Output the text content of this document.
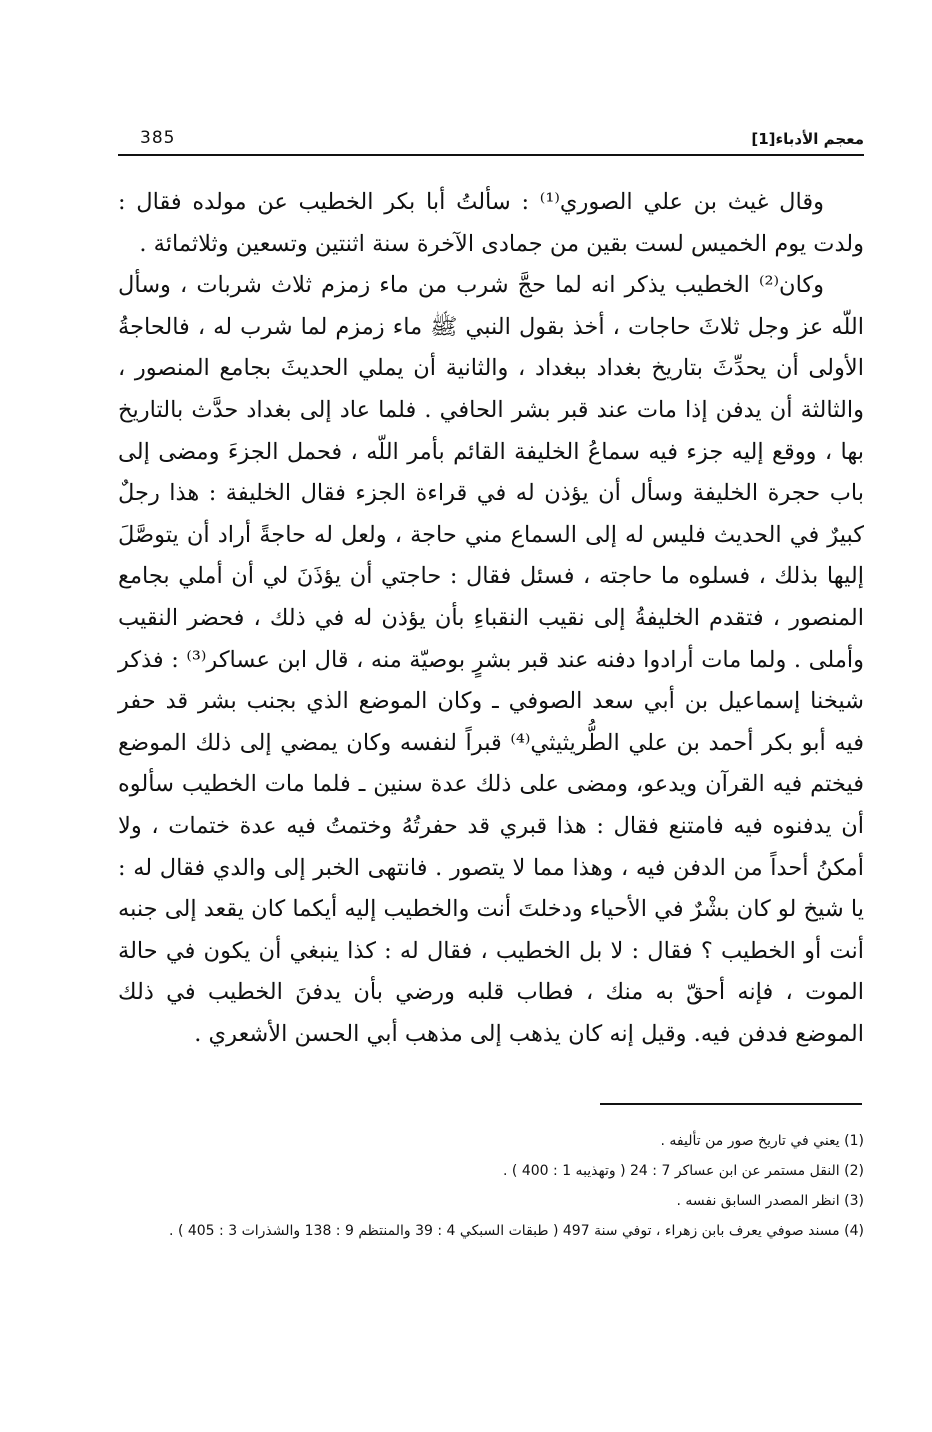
385	معجم الأدباء[1]

وقال غيث بن علي الصوري⁽¹⁾ : سألتُ أبا بكر الخطيب عن مولده فقال : ولدت يوم الخميس لست بقين من جمادى الآخرة سنة اثنتين وتسعين وثلاثمائة .

وكان⁽²⁾ الخطيب يذكر انه لما حجَّ شرب من ماء زمزم ثلاث شربات ، وسأل اللّه عز وجل ثلاثَ حاجات ، أخذ بقول النبي ﷺ ماء زمزم لما شرب له ، فالحاجةُ الأولى أن يحدِّثَ بتاريخ بغداد ببغداد ، والثانية أن يملي الحديثَ بجامع المنصور ، والثالثة أن يدفن إذا مات عند قبر بشر الحافي . فلما عاد إلى بغداد حدَّث بالتاريخ بها ، ووقع إليه جزء فيه سماعُ الخليفة القائم بأمر اللّه ، فحمل الجزءَ ومضى إلى باب حجرة الخليفة وسأل أن يؤذن له في قراءة الجزء فقال الخليفة : هذا رجلٌ كبيرٌ في الحديث فليس له إلى السماع مني حاجة ، ولعل له حاجةً أراد أن يتوصَّلَ إليها بذلك ، فسلوه ما حاجته ، فسئل فقال : حاجتي أن يؤذَنَ لي أن أملي بجامع المنصور ، فتقدم الخليفةُ إلى نقيب النقباءِ بأن يؤذن له في ذلك ، فحضر النقيب وأملى . ولما مات أرادوا دفنه عند قبر بشرٍ بوصيّة منه ، قال ابن عساكر⁽³⁾ : فذكر شيخنا إسماعيل بن أبي سعد الصوفي ـ وكان الموضع الذي بجنب بشر قد حفر فيه أبو بكر أحمد بن علي الطُّريثيثي⁽⁴⁾ قبراً لنفسه وكان يمضي إلى ذلك الموضع فيختم فيه القرآن ويدعو، ومضى على ذلك عدة سنين ـ فلما مات الخطيب سألوه أن يدفنوه فيه فامتنع فقال : هذا قبري قد حفرتُهُ وختمتُ فيه عدة ختمات ، ولا أمكنُ أحداً من الدفن فيه ، وهذا مما لا يتصور . فانتهى الخبر إلى والدي فقال له : يا شيخ لو كان بشْرٌ في الأحياء ودخلتَ أنت والخطيب إليه أيكما كان يقعد إلى جنبه أنت أو الخطيب ؟ فقال : لا بل الخطيب ، فقال له : كذا ينبغي أن يكون في حالة الموت ، فإنه أحقّ به منك ، فطاب قلبه ورضي بأن يدفنَ الخطيب في ذلك الموضع فدفن فيه. وقيل إنه كان يذهب إلى مذهب أبي الحسن الأشعري .

(1) يعني في تاريخ صور من تأليفه .

(2) النقل مستمر عن ابن عساكر 7 : 24 ( وتهذيبه 1 : 400 ) .

(3) انظر المصدر السابق نفسه .

(4) مسند صوفي يعرف بابن زهراء ، توفي سنة 497 ( طبقات السبكي 4 : 39 والمنتظم 9 : 138 والشذرات 3 : 405 ) .
